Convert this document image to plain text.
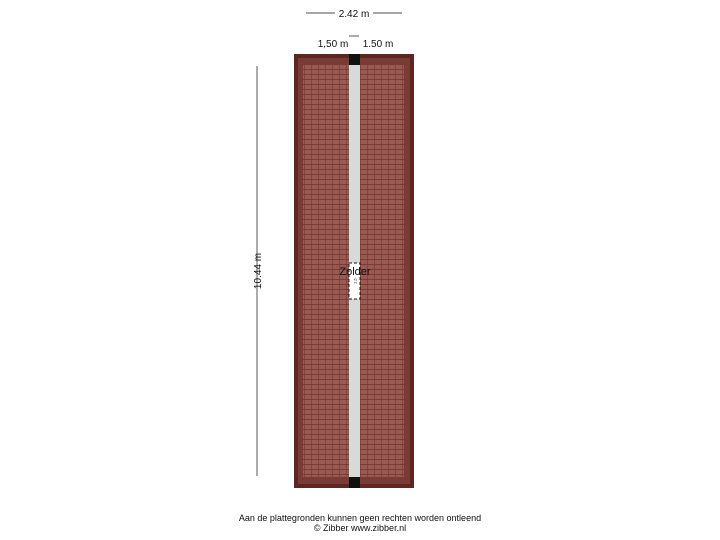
2.42 m
1,50 m 1.50 m
10.44 m	2,5
Zolder
Aan de plattegronden kunnen geen rechten worden ontleend
© Zibber www.zibber.nl
